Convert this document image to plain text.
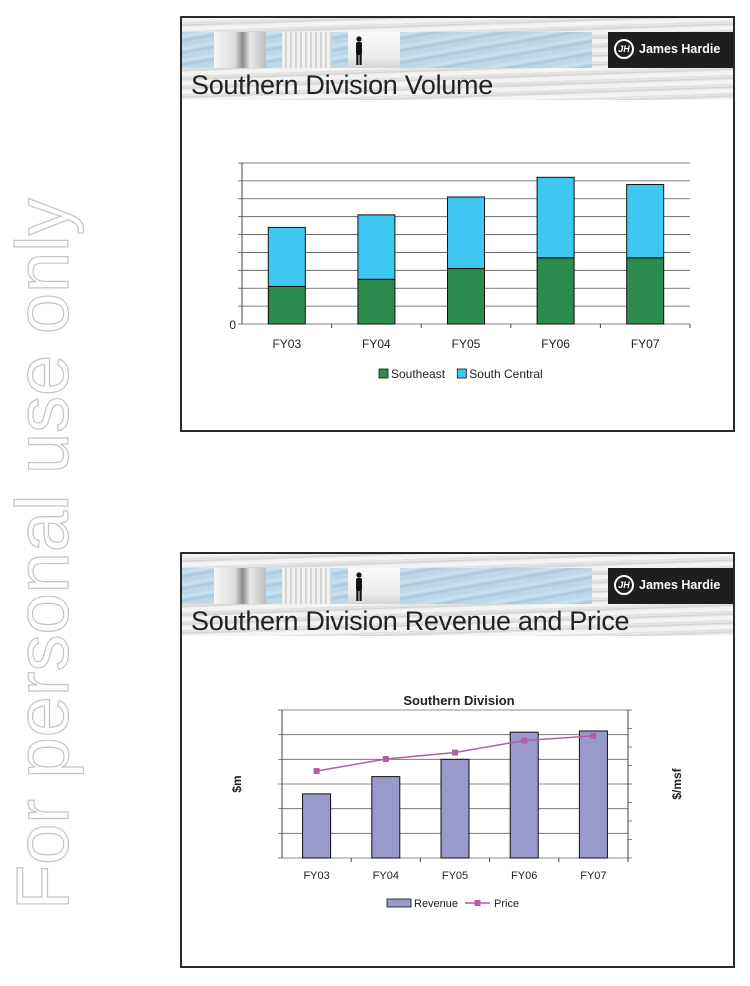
For personal use only
JH James Hardie
Southern Division Volume
0
FY03	FY04	FY05	FY06	FY07
Southeast South Central
JH James Hardie
Southern Division Revenue and Price
Southern Division
$m	$/msf
FY03	FY04	FY05	FY06	FY07
Revenue	Price
